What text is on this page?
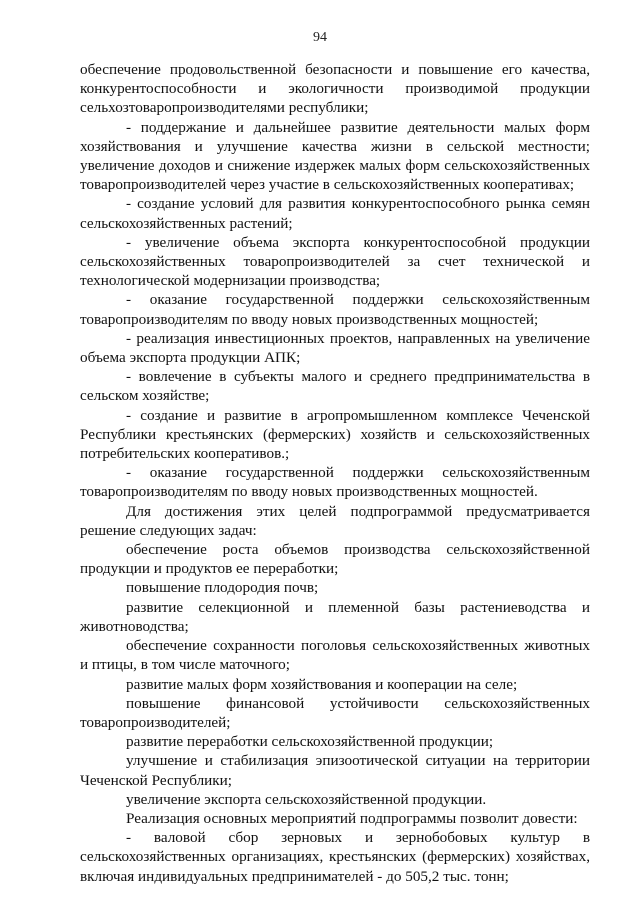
94

обеспечение продовольственной безопасности и повышение его качества, конкурентоспособности и экологичности производимой продукции сельхозтоваропроизводителями республики;

- поддержание и дальнейшее развитие деятельности малых форм хозяйствования и улучшение качества жизни в сельской местности; увеличение доходов и снижение издержек малых форм сельскохозяйственных товаропроизводителей через участие в сельскохозяйственных кооперативах;

- создание условий для развития конкурентоспособного рынка семян сельскохозяйственных растений;

- увеличение объема экспорта конкурентоспособной продукции сельскохозяйственных товаропроизводителей за счет технической и технологической модернизации производства;

- оказание государственной поддержки сельскохозяйственным товаропроизводителям по вводу новых производственных мощностей;

- реализация инвестиционных проектов, направленных на увеличение объема экспорта продукции АПК;

- вовлечение в субъекты малого и среднего предпринимательства в сельском хозяйстве;

- создание и развитие в агропромышленном комплексе Чеченской Республики крестьянских (фермерских) хозяйств и сельскохозяйственных потребительских кооперативов.;

- оказание государственной поддержки сельскохозяйственным товаропроизводителям по вводу новых производственных мощностей.

Для достижения этих целей подпрограммой предусматривается решение следующих задач:

обеспечение роста объемов производства сельскохозяйственной продукции и продуктов ее переработки;

повышение плодородия почв;

развитие селекционной и племенной базы растениеводства и животноводства;

обеспечение сохранности поголовья сельскохозяйственных животных и птицы, в том числе маточного;

развитие малых форм хозяйствования и кооперации на селе;

повышение финансовой устойчивости сельскохозяйственных товаропроизводителей;

развитие переработки сельскохозяйственной продукции;

улучшение и стабилизация эпизоотической ситуации на территории Чеченской Республики;

увеличение экспорта сельскохозяйственной продукции.

Реализация основных мероприятий подпрограммы позволит довести:

- валовой сбор зерновых и зернобобовых культур в сельскохозяйственных организациях, крестьянских (фермерских) хозяйствах, включая индивидуальных предпринимателей - до 505,2 тыс. тонн;
